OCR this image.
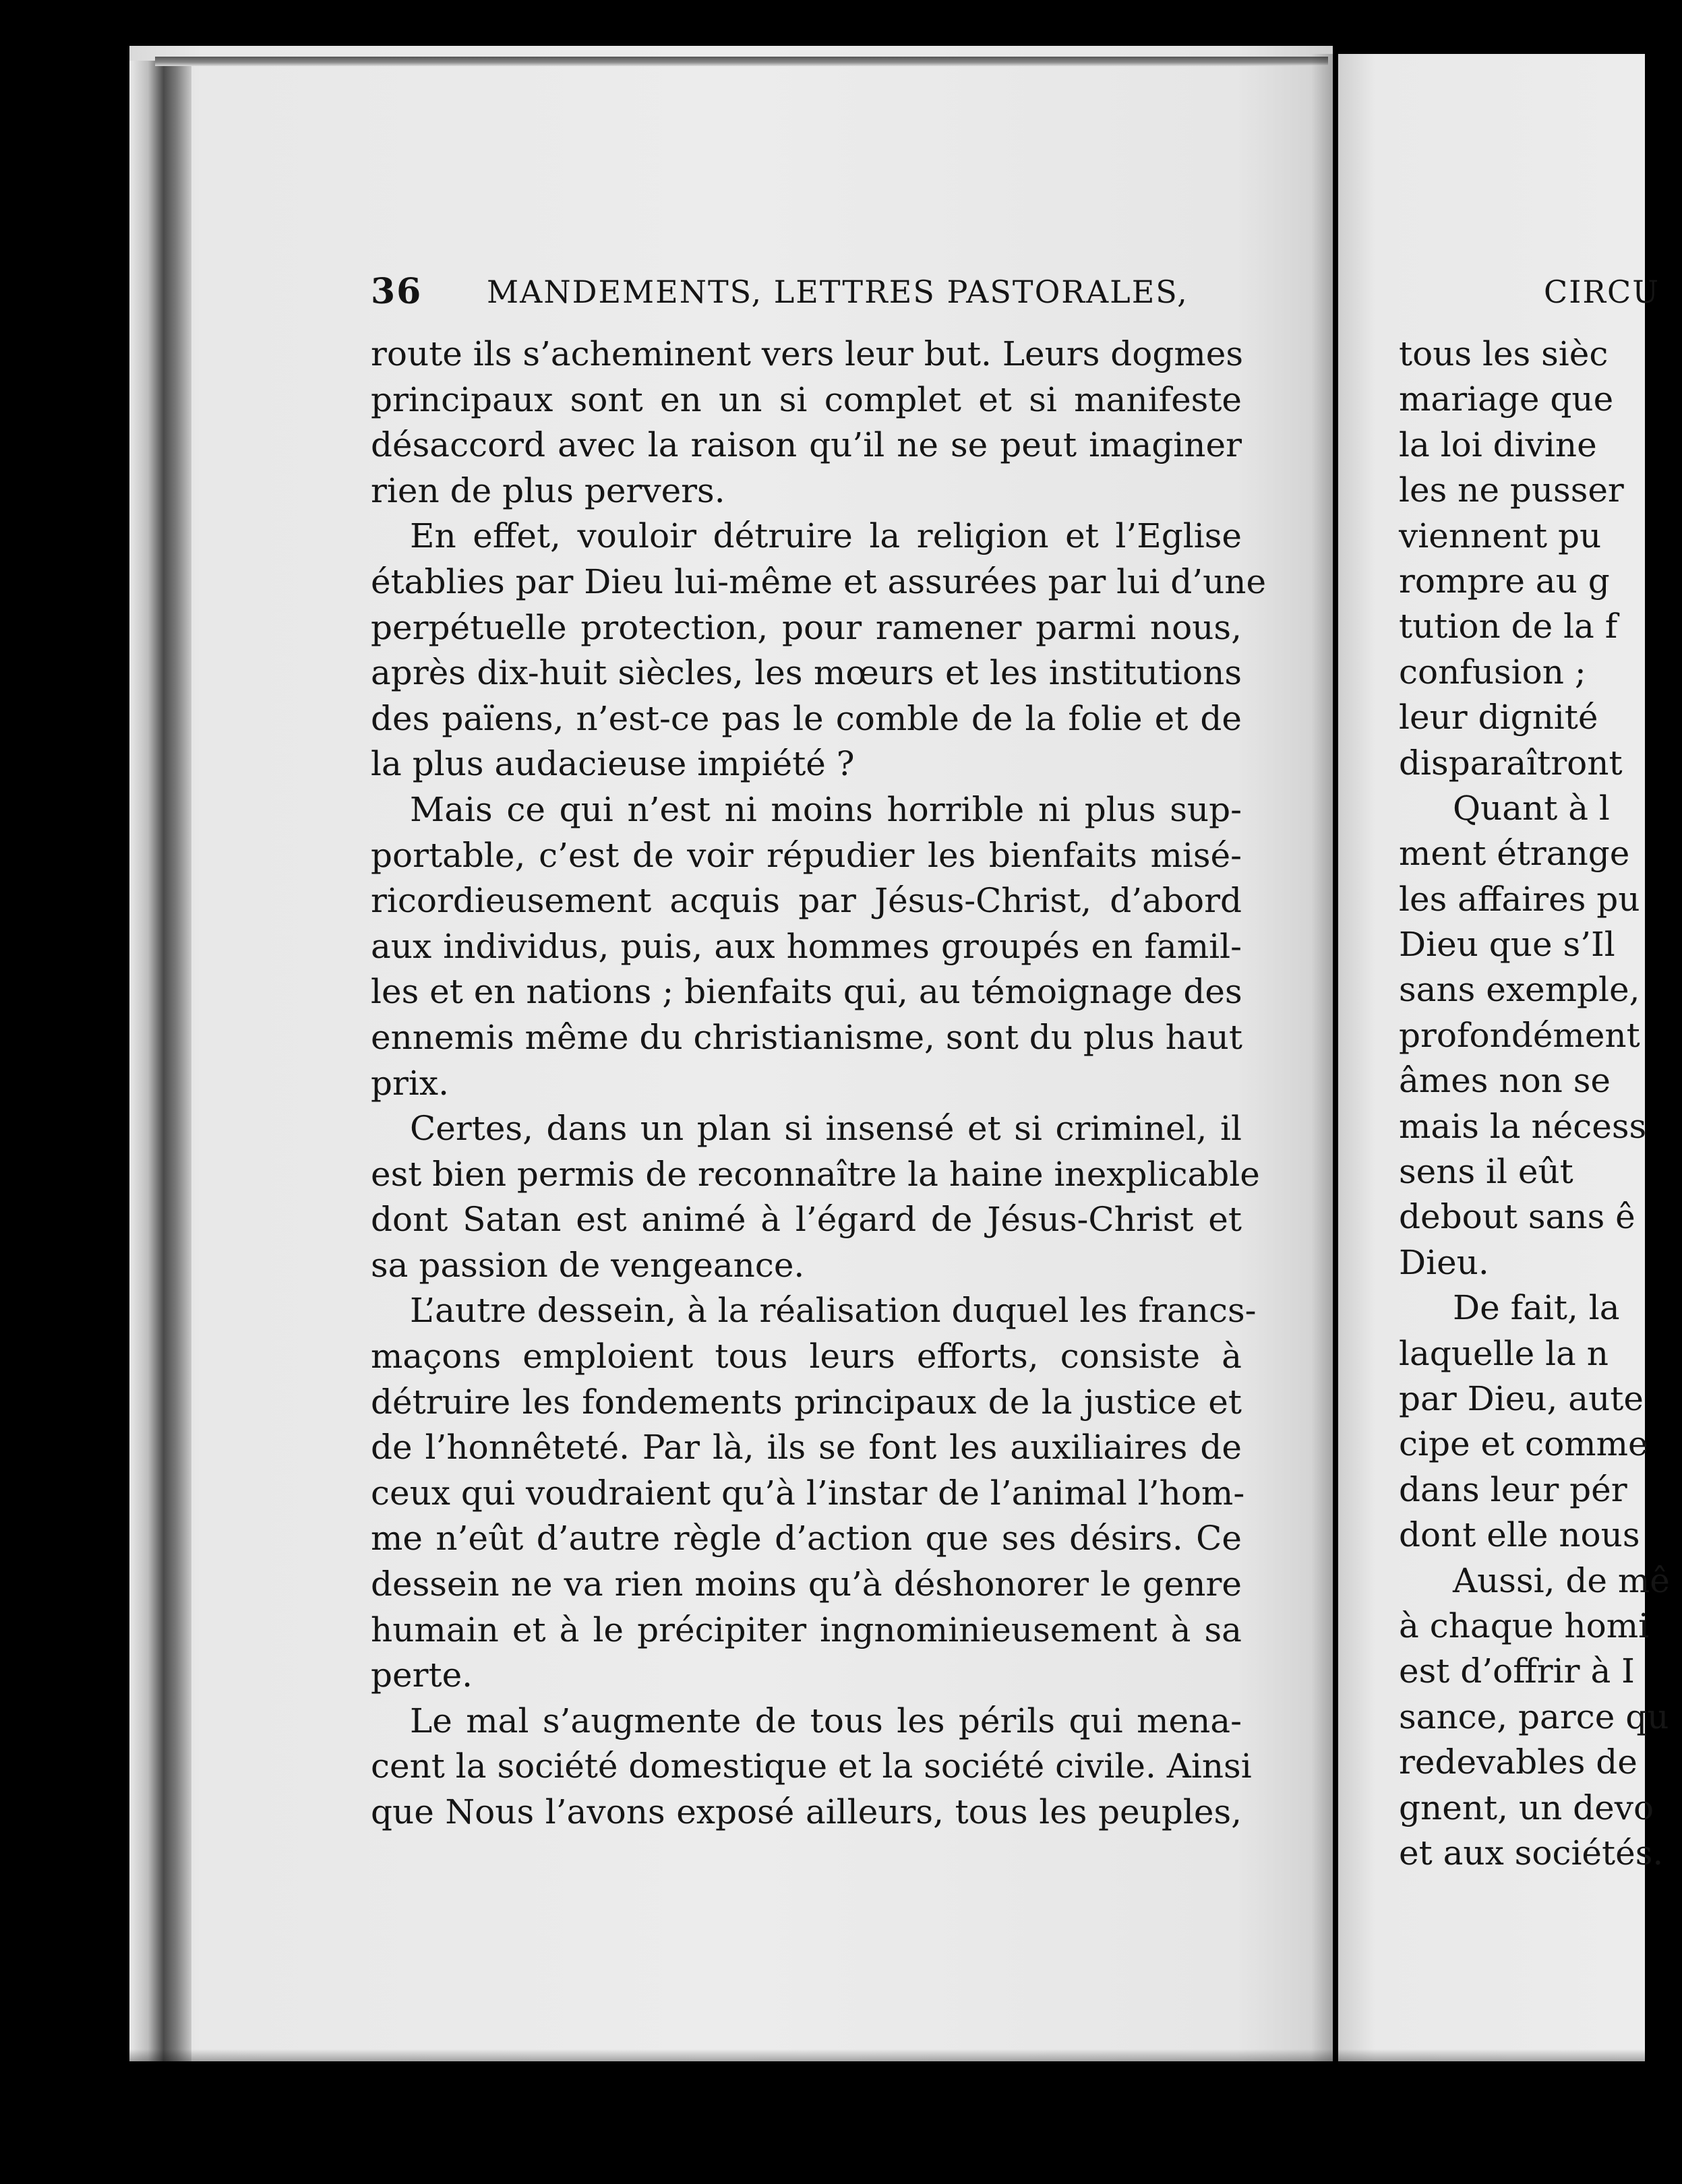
36 MANDEMENTS, LETTRES PASTORALES,
route ils s’acheminent vers leur but. Leurs dogmes
principaux sont en un si complet et si manifeste
désaccord avec la raison qu’il ne se peut imaginer
rien de plus pervers.
En effet, vouloir détruire la religion et l’Eglise
établies par Dieu lui-même et assurées par lui d’une
perpétuelle protection, pour ramener parmi nous,
après dix-huit siècles, les mœurs et les institutions
des païens, n’est-ce pas le comble de la folie et de
la plus audacieuse impiété ?
Mais ce qui n’est ni moins horrible ni plus sup-
portable, c’est de voir répudier les bienfaits misé-
ricordieusement acquis par Jésus-Christ, d’abord
aux individus, puis, aux hommes groupés en famil-
les et en nations ; bienfaits qui, au témoignage des
ennemis même du christianisme, sont du plus haut
prix.
Certes, dans un plan si insensé et si criminel, il
est bien permis de reconnaître la haine inexplicable
dont Satan est animé à l’égard de Jésus-Christ et
sa passion de vengeance.
L’autre dessein, à la réalisation duquel les francs-
maçons emploient tous leurs efforts, consiste à
détruire les fondements principaux de la justice et
de l’honnêteté. Par là, ils se font les auxiliaires de
ceux qui voudraient qu’à l’instar de l’animal l’hom-
me n’eût d’autre règle d’action que ses désirs. Ce
dessein ne va rien moins qu’à déshonorer le genre
humain et à le précipiter ingnominieusement à sa
perte.
Le mal s’augmente de tous les périls qui mena-
cent la société domestique et la société civile. Ainsi
que Nous l’avons exposé ailleurs, tous les peuples,
CIRCU
tous les sièc
mariage que
la loi divine
les ne pusser
viennent pu
rompre au g
tution de la f
confusion ;
leur dignité
disparaîtront
Quant à l
ment étrange
les affaires pu
Dieu que s’Il
sans exemple,
profondément
âmes non se
mais la nécess
sens il eût
debout sans ê
Dieu.
De fait, la
laquelle la n
par Dieu, aute
cipe et comme
dans leur pér
dont elle nous
Aussi, de mê
à chaque homi
est d’offrir à I
sance, parce qu
redevables de
gnent, un devo
et aux sociétés.
